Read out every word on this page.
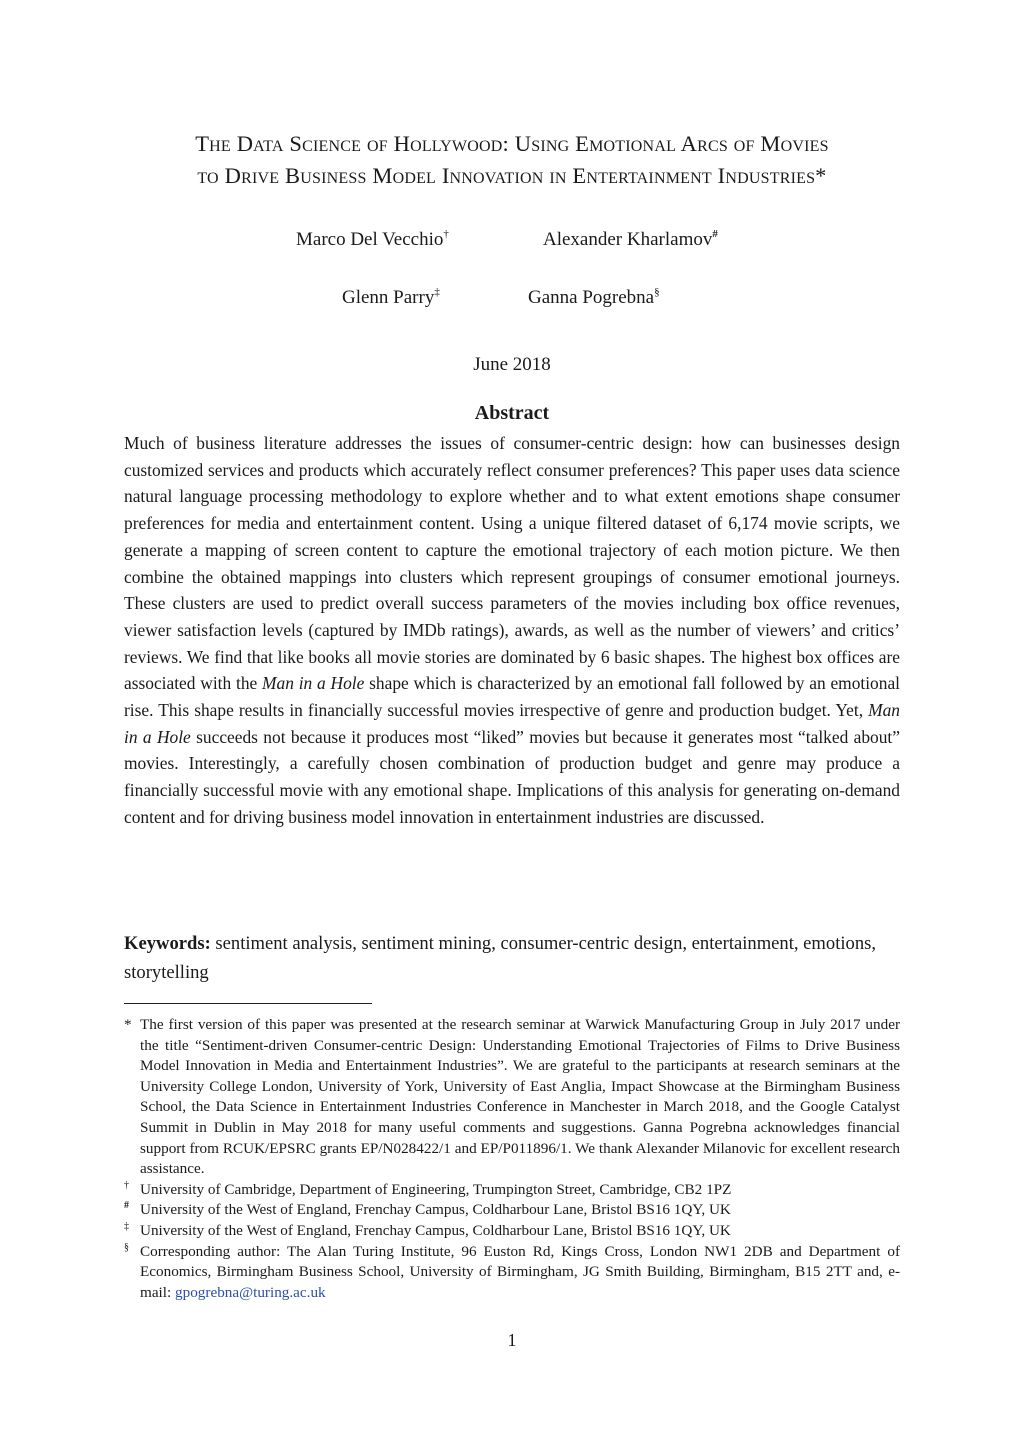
The Data Science of Hollywood: Using Emotional Arcs of Movies
to Drive Business Model Innovation in Entertainment Industries*
Marco Del Vecchio†	Alexander Kharlamov#
Glenn Parry‡	Ganna Pogrebna§
June 2018
Abstract

Much of business literature addresses the issues of consumer-centric design: how can businesses design customized services and products which accurately reflect consumer preferences? This paper uses data science natural language processing methodology to explore whether and to what extent emotions shape consumer preferences for media and entertainment content. Using a unique filtered dataset of 6,174 movie scripts, we generate a mapping of screen content to capture the emotional trajectory of each motion picture. We then combine the obtained mappings into clusters which represent groupings of consumer emotional journeys. These clusters are used to predict overall success parameters of the movies including box office revenues, viewer satisfaction levels (captured by IMDb ratings), awards, as well as the number of viewers’ and critics’ reviews. We find that like books all movie stories are dominated by 6 basic shapes. The highest box offices are associated with the Man in a Hole shape which is characterized by an emotional fall followed by an emotional rise. This shape results in financially successful movies irrespective of genre and production budget. Yet, Man in a Hole succeeds not because it produces most “liked” movies but because it generates most “talked about” movies. Interestingly, a carefully chosen combination of production budget and genre may produce a financially successful movie with any emotional shape. Implications of this analysis for generating on-demand content and for driving business model innovation in entertainment industries are discussed.

Keywords: sentiment analysis, sentiment mining, consumer-centric design, entertainment, emotions, storytelling

* The first version of this paper was presented at the research seminar at Warwick Manufacturing Group in July 2017 under the title “Sentiment-driven Consumer-centric Design: Understanding Emotional Trajectories of Films to Drive Business Model Innovation in Media and Entertainment Industries”. We are grateful to the participants at research seminars at the University College London, University of York, University of East Anglia, Impact Showcase at the Birmingham Business School, the Data Science in Entertainment Industries Conference in Manchester in March 2018, and the Google Catalyst Summit in Dublin in May 2018 for many useful comments and suggestions. Ganna Pogrebna acknowledges financial support from RCUK/EPSRC grants EP/N028422/1 and EP/P011896/1. We thank Alexander Milanovic for excellent research assistance.

† University of Cambridge, Department of Engineering, Trumpington Street, Cambridge, CB2 1PZ

# University of the West of England, Frenchay Campus, Coldharbour Lane, Bristol BS16 1QY, UK

‡ University of the West of England, Frenchay Campus, Coldharbour Lane, Bristol BS16 1QY, UK

§ Corresponding author: The Alan Turing Institute, 96 Euston Rd, Kings Cross, London NW1 2DB and Department of Economics, Birmingham Business School, University of Birmingham, JG Smith Building, Birmingham, B15 2TT and, e-mail: gpogrebna@turing.ac.uk

1
